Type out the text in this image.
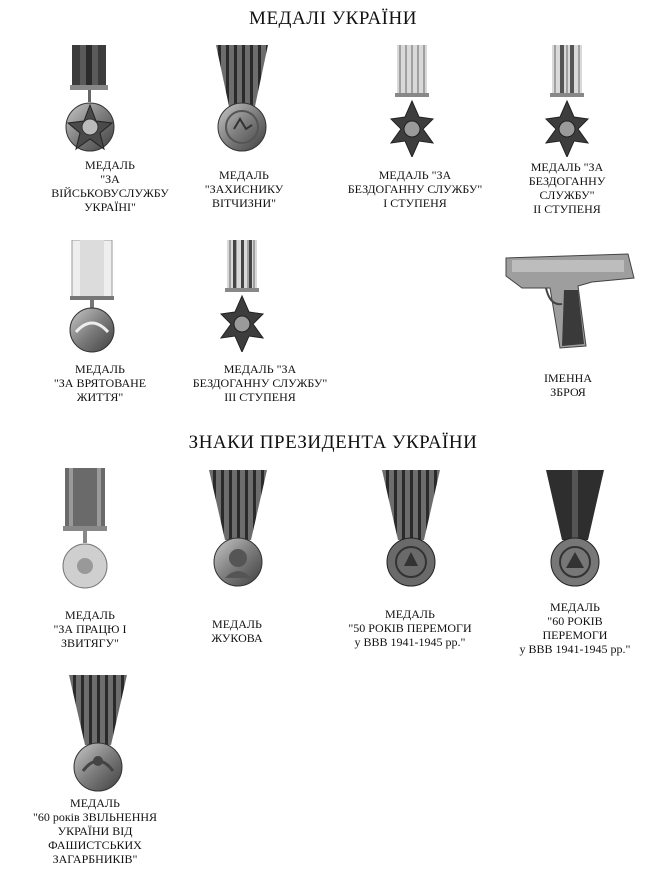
МЕДАЛІ УКРАЇНИ
ЗНАКИ ПРЕЗИДЕНТА УКРАЇНИ
МЕДАЛЬ
"ЗА
ВІЙСЬКОВУСЛУЖБУ
УКРАЇНІ"
МЕДАЛЬ
"ЗАХИСНИКУ
ВІТЧИЗНИ"
МЕДАЛЬ "ЗА
БЕЗДОГАННУ СЛУЖБУ"
І СТУПЕНЯ
МЕДАЛЬ "ЗА
БЕЗДОГАННУ
СЛУЖБУ"
ІІ СТУПЕНЯ
МЕДАЛЬ
"ЗА ВРЯТОВАНЕ
ЖИТТЯ"
МЕДАЛЬ "ЗА
БЕЗДОГАННУ СЛУЖБУ"
ІІІ СТУПЕНЯ
ІМЕННА
ЗБРОЯ
МЕДАЛЬ
"ЗА ПРАЦЮ І
ЗВИТЯГУ"
МЕДАЛЬ
ЖУКОВА
МЕДАЛЬ
"50 РОКІВ ПЕРЕМОГИ
у ВВВ 1941-1945 рр."
МЕДАЛЬ
"60 РОКІВ
ПЕРЕМОГИ
у ВВВ 1941-1945 рр."
МЕДАЛЬ
"60 років ЗВІЛЬНЕННЯ
УКРАЇНИ ВІД
ФАШИСТСЬКИХ
ЗАГАРБНИКІВ"
